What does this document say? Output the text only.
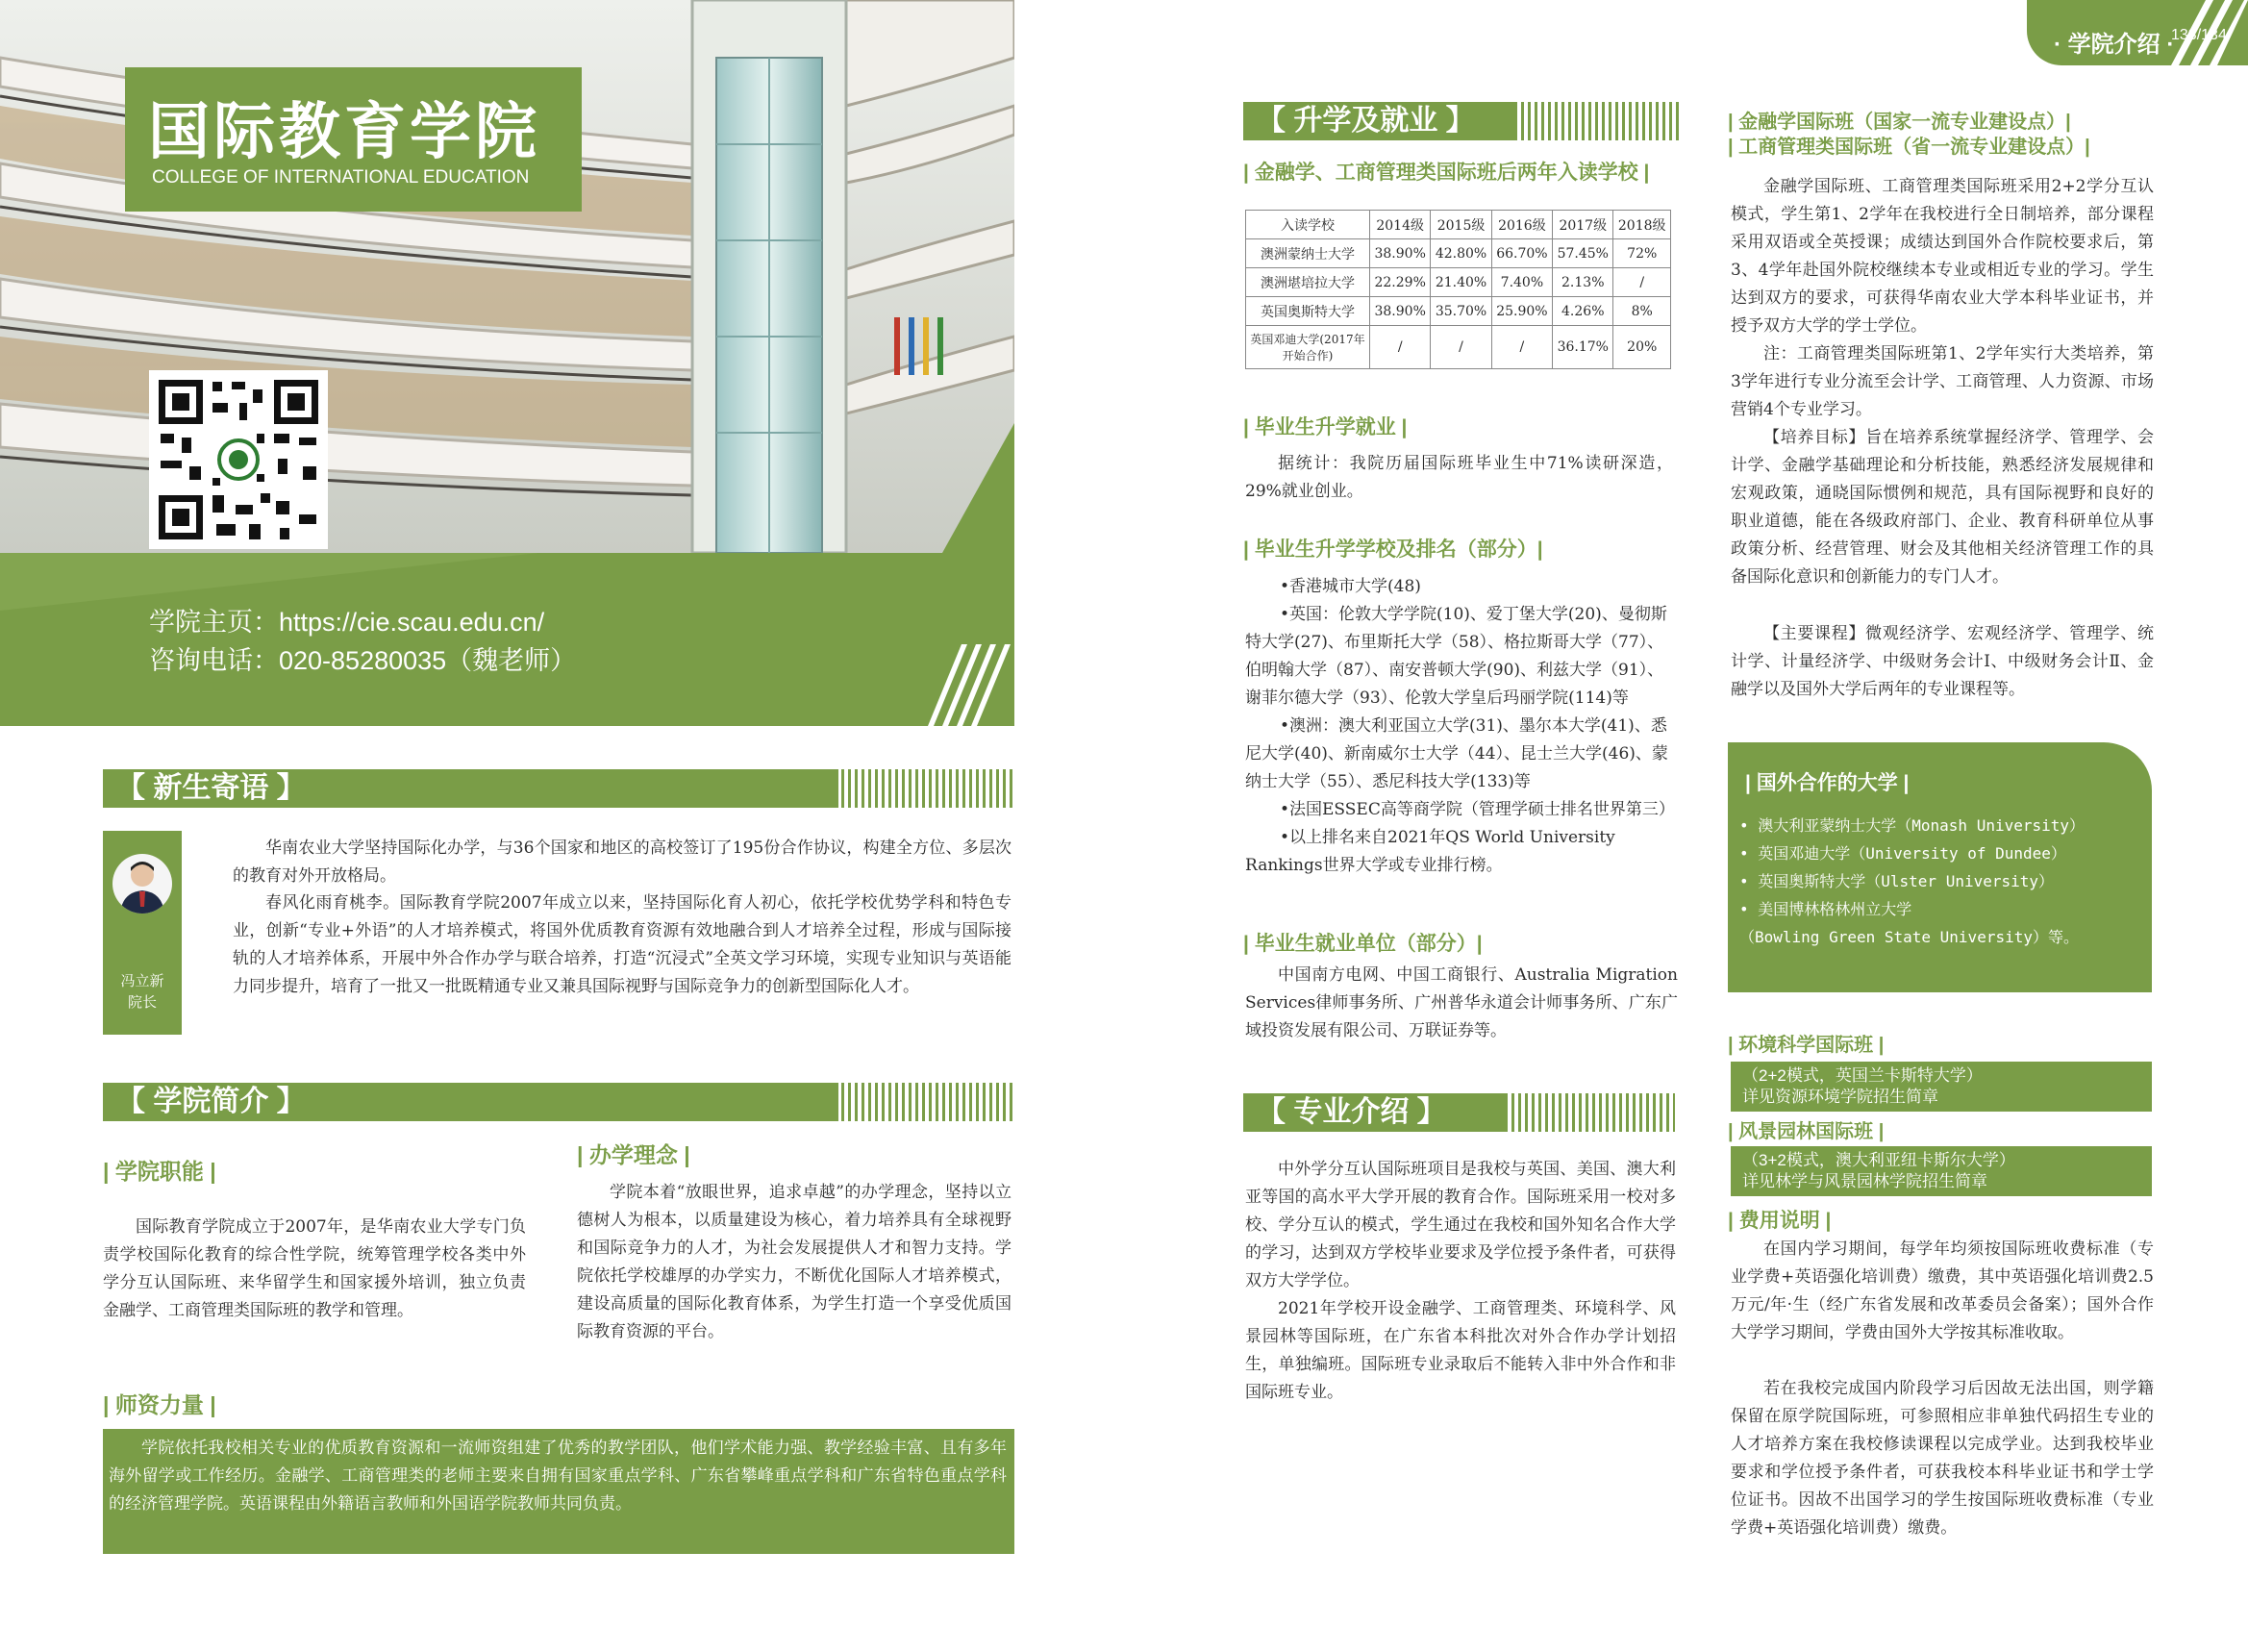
国际教育学院
COLLEGE OF INTERNATIONAL EDUCATION
学院主页：https://cie.scau.edu.cn/
咨询电话：020-85280035（魏老师）
【 新生寄语 】
冯立新
院长
华南农业大学坚持国际化办学，与36个国家和地区的高校签订了195份合作协议，构建全方位、多层次的教育对外开放格局。
春风化雨育桃李。国际教育学院2007年成立以来，坚持国际化育人初心，依托学校优势学科和特色专业，创新“专业+外语”的人才培养模式，将国外优质教育资源有效地融合到人才培养全过程，形成与国际接轨的人才培养体系，开展中外合作办学与联合培养，打造“沉浸式”全英文学习环境，实现专业知识与英语能力同步提升，培育了一批又一批既精通专业又兼具国际视野与国际竞争力的创新型国际化人才。
【 学院简介 】
| 学院职能 |
国际教育学院成立于2007年，是华南农业大学专门负责学校国际化教育的综合性学院，统筹管理学校各类中外学分互认国际班、来华留学生和国家援外培训，独立负责金融学、工商管理类国际班的教学和管理。
| 办学理念 |
学院本着“放眼世界，追求卓越”的办学理念，坚持以立德树人为根本，以质量建设为核心，着力培养具有全球视野和国际竞争力的人才，为社会发展提供人才和智力支持。学院依托学校雄厚的办学实力，不断优化国际人才培养模式，建设高质量的国际化教育体系，为学生打造一个享受优质国际教育资源的平台。
| 师资力量 |
学院依托我校相关专业的优质教育资源和一流师资组建了优秀的教学团队，他们学术能力强、教学经验丰富、且有多年海外留学或工作经历。金融学、工商管理类的老师主要来自拥有国家重点学科、广东省攀峰重点学科和广东省特色重点学科的经济管理学院。英语课程由外籍语言教师和外国语学院教师共同负责。
· 学院介绍 ·
133/134
【 升学及就业 】
| 金融学、工商管理类国际班后两年入读学校 |
入读学校	2014级	2015级	2016级	2017级	2018级
澳洲蒙纳士大学	38.90%	42.80%	66.70%	57.45%	72%
澳洲堪培拉大学	22.29%	21.40%	7.40%	2.13%	/
英国奥斯特大学	38.90%	35.70%	25.90%	4.26%	8%
英国邓迪大学(2017年开始合作)	/	/	/	36.17%	20%
| 毕业生升学就业 |
据统计：我院历届国际班毕业生中71%读研深造，29%就业创业。
| 毕业生升学学校及排名（部分）|
•香港城市大学(48)
•英国：伦敦大学学院(10)、爱丁堡大学(20)、曼彻斯特大学(27)、布里斯托大学（58）、格拉斯哥大学（77）、伯明翰大学（87）、南安普顿大学(90)、利兹大学（91）、谢菲尔德大学（93）、伦敦大学皇后玛丽学院(114)等
•澳洲：澳大利亚国立大学(31)、墨尔本大学(41)、悉尼大学(40)、新南威尔士大学（44）、昆士兰大学(46)、蒙纳士大学（55）、悉尼科技大学(133)等
•法国ESSEC高等商学院（管理学硕士排名世界第三）
•以上排名来自2021年QS World University Rankings世界大学或专业排行榜。
| 毕业生就业单位（部分）|
中国南方电网、中国工商银行、Australia Migration Services律师事务所、广州普华永道会计师事务所、广东广域投资发展有限公司、万联证券等。
【 专业介绍 】
中外学分互认国际班项目是我校与英国、美国、澳大利亚等国的高水平大学开展的教育合作。国际班采用一校对多校、学分互认的模式，学生通过在我校和国外知名合作大学的学习，达到双方学校毕业要求及学位授予条件者，可获得双方大学学位。
2021年学校开设金融学、工商管理类、环境科学、风景园林等国际班，在广东省本科批次对外合作办学计划招生，单独编班。国际班专业录取后不能转入非中外合作和非国际班专业。
| 金融学国际班（国家一流专业建设点）|
| 工商管理类国际班（省一流专业建设点）|
金融学国际班、工商管理类国际班采用2+2学分互认模式，学生第1、2学年在我校进行全日制培养，部分课程采用双语或全英授课；成绩达到国外合作院校要求后，第3、4学年赴国外院校继续本专业或相近专业的学习。学生达到双方的要求，可获得华南农业大学本科毕业证书，并授予双方大学的学士学位。
注：工商管理类国际班第1、2学年实行大类培养，第3学年进行专业分流至会计学、工商管理、人力资源、市场营销4个专业学习。
【培养目标】旨在培养系统掌握经济学、管理学、会计学、金融学基础理论和分析技能，熟悉经济发展规律和宏观政策，通晓国际惯例和规范，具有国际视野和良好的职业道德，能在各级政府部门、企业、教育科研单位从事政策分析、经营管理、财会及其他相关经济管理工作的具备国际化意识和创新能力的专门人才。
【主要课程】微观经济学、宏观经济学、管理学、统计学、计量经济学、中级财务会计Ⅰ、中级财务会计Ⅱ、金融学以及国外大学后两年的专业课程等。
| 国外合作的大学 |
• 澳大利亚蒙纳士大学（Monash University）
• 英国邓迪大学（University of Dundee）
• 英国奥斯特大学（Ulster University）
• 美国博林格林州立大学
（Bowling Green State University）等。
| 环境科学国际班 |
（2+2模式，英国兰卡斯特大学）
详见资源环境学院招生简章
| 风景园林国际班 |
（3+2模式，澳大利亚纽卡斯尔大学）
详见林学与风景园林学院招生简章
| 费用说明 |
在国内学习期间，每学年均须按国际班收费标准（专业学费+英语强化培训费）缴费，其中英语强化培训费2.5万元/年·生（经广东省发展和改革委员会备案）；国外合作大学学习期间，学费由国外大学按其标准收取。
若在我校完成国内阶段学习后因故无法出国，则学籍保留在原学院国际班，可参照相应非单独代码招生专业的人才培养方案在我校修读课程以完成学业。达到我校毕业要求和学位授予条件者，可获我校本科毕业证书和学士学位证书。因故不出国学习的学生按国际班收费标准（专业学费+英语强化培训费）缴费。
